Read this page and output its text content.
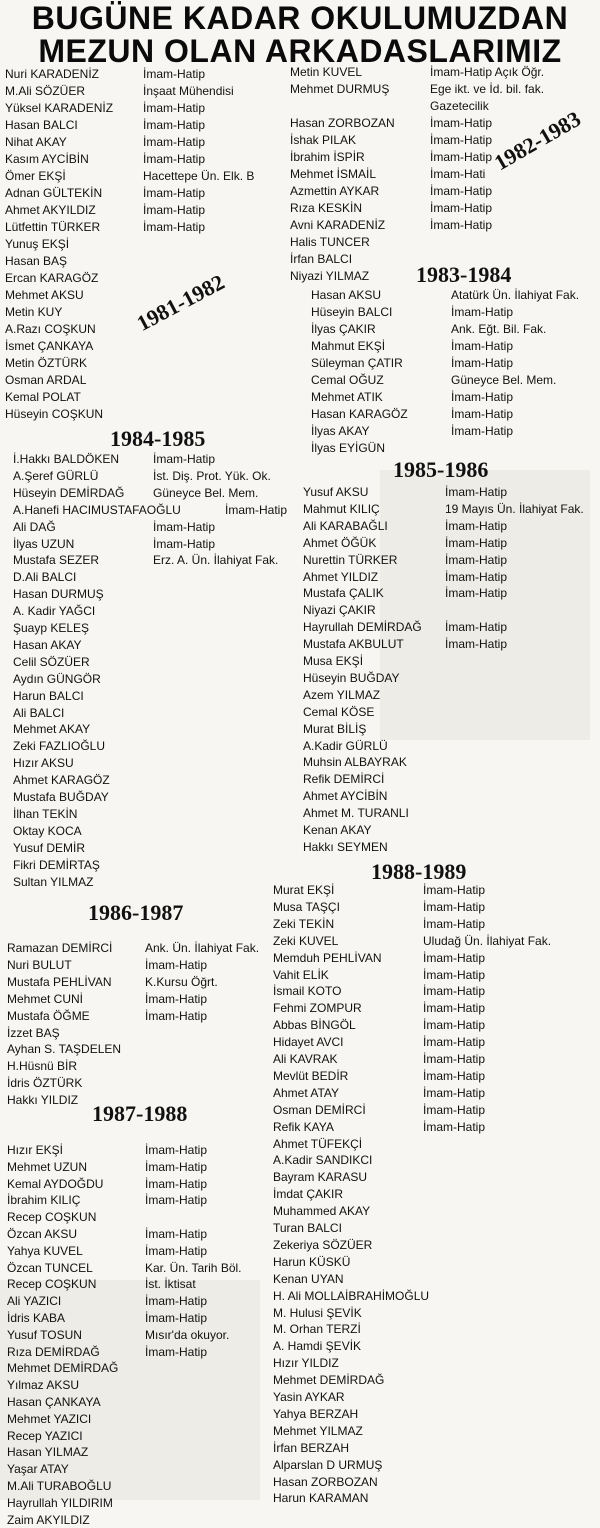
BUGÜNE KADAR OKULUMUZDAN
MEZUN OLAN ARKADASLARIMIZ
1981-1982
1982-1983
1983-1984
1984-1985
1985-1986
1986-1987
1987-1988
1988-1989
Nuri KARADENİZ	İmam-Hatip
M.Ali SÖZÜER	İnşaat Mühendisi
Yüksel KARADENİZ İmam-Hatip
Hasan BALCI	İmam-Hatip
Nihat AKAY	İmam-Hatip
Kasım AYCİBİN	İmam-Hatip
Ömer EKŞİ	Hacettepe Ün. Elk. B
Adnan GÜLTEKİN	İmam-Hatip
Ahmet AKYILDIZ	İmam-Hatip
Lütfettin TÜRKER	İmam-Hatip
Yunuş EKŞİ
Hasan BAŞ
Ercan KARAGÖZ
Mehmet AKSU
Metin KUY
A.Razı COŞKUN
İsmet ÇANKAYA
Metin ÖZTÜRK
Osman ARDAL
Kemal POLAT
Hüseyin COŞKUN
Metin KUVEL	İmam-Hatip Açık Öğr.
Mehmet DURMUŞ	Ege ikt. ve İd. bil. fak.
Gazetecilik
Hasan ZORBOZAN	İmam-Hatip
İshak PILAK	İmam-Hatip
İbrahim İSPİR	İmam-Hatip
Mehmet İSMAİL	İmam-Hati
Azmettin AYKAR	İmam-Hatip
Rıza KESKİN	İmam-Hatip
Avni KARADENİZ	İmam-Hatip
Halis TUNCER
İrfan BALCI
Niyazi YILMAZ
Hasan AKSU	Atatürk Ün. İlahiyat Fak.
Hüseyin BALCI	İmam-Hatip
İlyas ÇAKIR	Ank. Eğt. Bil. Fak.
Mahmut EKŞİ	İmam-Hatip
Süleyman ÇATIR	İmam-Hatip
Cemal OĞUZ	Güneyce Bel. Mem.
Mehmet ATIK	İmam-Hatip
Hasan KARAGÖZ	İmam-Hatip
İlyas AKAY	İmam-Hatip
İlyas EYİGÜN
İ.Hakkı BALDÖKEN	İmam-Hatip
A.Şeref GÜRLÜ	İst. Diş. Prot. Yük. Ok.
Hüseyin DEMİRDAĞ Güneyce Bel. Mem.
A.Hanefi HACIMUSTAFAOĞLU	İmam-Hatip
Ali DAĞ	İmam-Hatip
İlyas UZUN	İmam-Hatip
Mustafa SEZER	Erz. A. Ün. İlahiyat Fak.
D.Ali BALCI
Hasan DURMUŞ
A. Kadir YAĞCI
Şuayp KELEŞ
Hasan AKAY
Celil SÖZÜER
Aydın GÜNGÖR
Harun BALCI
Ali BALCI
Mehmet AKAY
Zeki FAZLIOĞLU
Hızır AKSU
Ahmet KARAGÖZ
Mustafa BUĞDAY
İlhan TEKİN
Oktay KOCA
Yusuf DEMİR
Fikri DEMİRTAŞ
Sultan YILMAZ
Yusuf AKSU	İmam-Hatip
Mahmut KILIÇ	19 Mayıs Ün. İlahiyat Fak.
Ali KARABAĞLI	İmam-Hatip
Ahmet ÖĞÜK	İmam-Hatip
Nurettin TÜRKER	İmam-Hatip
Ahmet YILDIZ	İmam-Hatip
Mustafa ÇALIK	İmam-Hatip
Niyazi ÇAKIR
Hayrullah DEMİRDAĞ İmam-Hatip
Mustafa AKBULUT	İmam-Hatip
Musa EKŞİ
Hüseyin BUĞDAY
Azem YILMAZ
Cemal KÖSE
Murat BİLİŞ
A.Kadir GÜRLÜ
Muhsin ALBAYRAK
Refik DEMİRCİ
Ahmet AYCİBİN
Ahmet M. TURANLI
Kenan AKAY
Hakkı SEYMEN
Ramazan DEMİRCİ	Ank. Ün. İlahiyat Fak.
Nuri BULUT	İmam-Hatip
Mustafa PEHLİVAN	K.Kursu Öğrt.
Mehmet CUNİ	İmam-Hatip
Mustafa ÖĞME	İmam-Hatip
İzzet BAŞ
Ayhan S. TAŞDELEN
H.Hüsnü BİR
İdris ÖZTÜRK
Hakkı YILDIZ
Hızır EKŞİ	İmam-Hatip
Mehmet UZUN	İmam-Hatip
Kemal AYDOĞDU	İmam-Hatip
İbrahim KILIÇ	İmam-Hatip
Recep COŞKUN
Özcan AKSU	İmam-Hatip
Yahya KUVEL	İmam-Hatip
Özcan TUNCEL	Kar. Ün. Tarih Böl.
Recep COŞKUN	İst. İktisat
Ali YAZICI	İmam-Hatip
İdris KABA	İmam-Hatip
Yusuf TOSUN	Mısır'da okuyor.
Rıza DEMİRDAĞ	İmam-Hatip
Mehmet DEMİRDAĞ
Yılmaz AKSU
Hasan ÇANKAYA
Mehmet YAZICI
Recep YAZICI
Hasan YILMAZ
Yaşar ATAY
M.Ali TURABOĞLU
Hayrullah YILDIRIM
Zaim AKYILDIZ
Murat EKŞİ	İmam-Hatip
Musa TAŞÇI	İmam-Hatip
Zeki TEKİN	İmam-Hatip
Zeki KUVEL	Uludağ Ün. İlahiyat Fak.
Memduh PEHLİVAN	İmam-Hatip
Vahit ELİK	İmam-Hatip
İsmail KOTO	İmam-Hatip
Fehmi ZOMPUR	İmam-Hatip
Abbas BİNGÖL	İmam-Hatip
Hidayet AVCI	İmam-Hatip
Ali KAVRAK	İmam-Hatip
Mevlüt BEDİR	İmam-Hatip
Ahmet ATAY	İmam-Hatip
Osman DEMİRCİ	İmam-Hatip
Refik KAYA	İmam-Hatip
Ahmet TÜFEKÇİ
A.Kadir SANDIKCI
Bayram KARASU
İmdat ÇAKIR
Muhammed AKAY
Turan BALCI
Zekeriya SÖZÜER
Harun KÜSKÜ
Kenan UYAN
H. Ali MOLLAİBRAHİMOĞLU
M. Hulusi ŞEVİK
M. Orhan TERZİ
A. Hamdi ŞEVİK
Hızır YILDIZ
Mehmet DEMİRDAĞ
Yasin AYKAR
Yahya BERZAH
Mehmet YILMAZ
İrfan BERZAH
Alparslan D URMUŞ
Hasan ZORBOZAN
Harun KARAMAN
